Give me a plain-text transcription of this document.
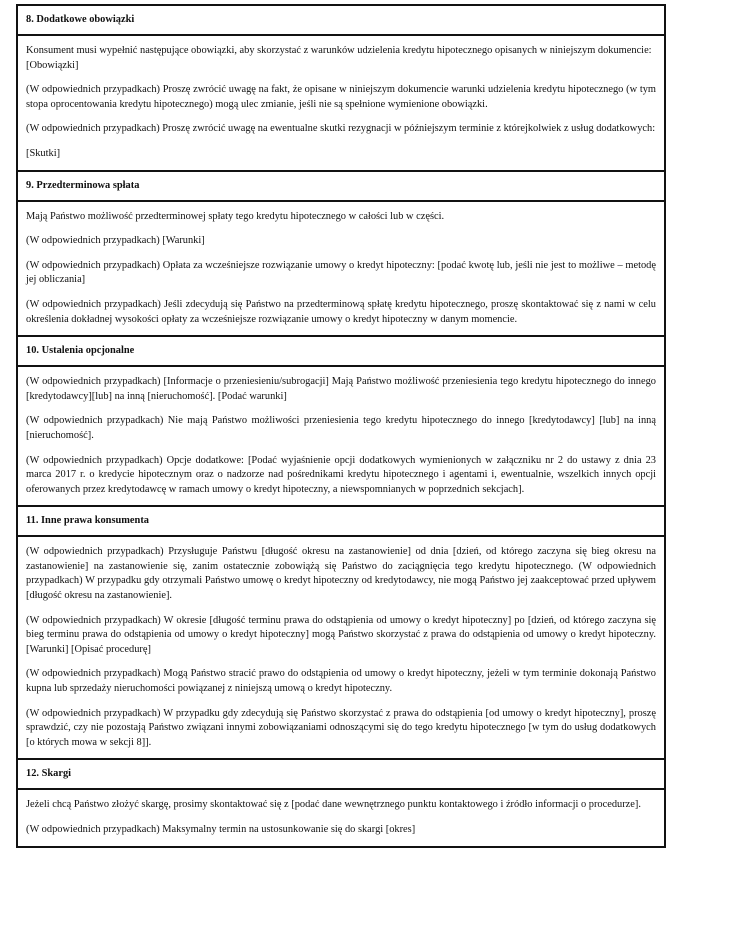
8. Dodatkowe obowiązki

Konsument musi wypełnić następujące obowiązki, aby skorzystać z warunków udzielenia kredytu hipotecznego opisanych w niniejszym dokumencie:
[Obowiązki]

(W odpowiednich przypadkach) Proszę zwrócić uwagę na fakt, że opisane w niniejszym dokumencie warunki udzielenia kredytu hipotecznego (w tym stopa oprocentowania kredytu hipotecznego) mogą ulec zmianie, jeśli nie są spełnione wymienione obowiązki.

(W odpowiednich przypadkach) Proszę zwrócić uwagę na ewentualne skutki rezygnacji w późniejszym terminie z którejkolwiek z usług dodatkowych:

[Skutki]

9. Przedterminowa spłata

Mają Państwo możliwość przedterminowej spłaty tego kredytu hipotecznego w całości lub w części.

(W odpowiednich przypadkach) [Warunki]

(W odpowiednich przypadkach) Opłata za wcześniejsze rozwiązanie umowy o kredyt hipoteczny: [podać kwotę lub, jeśli nie jest to możliwe – metodę jej obliczania]

(W odpowiednich przypadkach) Jeśli zdecydują się Państwo na przedterminową spłatę kredytu hipotecznego, proszę skontaktować się z nami w celu określenia dokładnej wysokości opłaty za wcześniejsze rozwiązanie umowy o kredyt hipoteczny w danym momencie.

10. Ustalenia opcjonalne

(W odpowiednich przypadkach) [Informacje o przeniesieniu/subrogacji] Mają Państwo możliwość przeniesienia tego kredytu hipotecznego do innego [kredytodawcy][lub] na inną [nieruchomość]. [Podać warunki]

(W odpowiednich przypadkach) Nie mają Państwo możliwości przeniesienia tego kredytu hipotecznego do innego [kredytodawcy] [lub] na inną [nieruchomość].

(W odpowiednich przypadkach) Opcje dodatkowe: [Podać wyjaśnienie opcji dodatkowych wymienionych w załączniku nr 2 do ustawy z dnia 23 marca 2017 r. o kredycie hipotecznym oraz o nadzorze nad pośrednikami kredytu hipotecznego i agentami i, ewentualnie, wszelkich innych opcji oferowanych przez kredytodawcę w ramach umowy o kredyt hipoteczny, a niewspomnianych w poprzednich sekcjach].

11. Inne prawa konsumenta

(W odpowiednich przypadkach) Przysługuje Państwu [długość okresu na zastanowienie] od dnia [dzień, od którego zaczyna się bieg okresu na zastanowienie] na zastanowienie się, zanim ostatecznie zobowiążą się Państwo do zaciągnięcia tego kredytu hipotecznego. (W odpowiednich przypadkach) W przypadku gdy otrzymali Państwo umowę o kredyt hipoteczny od kredytodawcy, nie mogą Państwo jej zaakceptować przed upływem [długość okresu na zastanowienie].

(W odpowiednich przypadkach) W okresie [długość terminu prawa do odstąpienia od umowy o kredyt hipoteczny] po [dzień, od którego zaczyna się bieg terminu prawa do odstąpienia od umowy o kredyt hipoteczny] mogą Państwo skorzystać z prawa do odstąpienia od umowy o kredyt hipoteczny. [Warunki] [Opisać procedurę]

(W odpowiednich przypadkach) Mogą Państwo stracić prawo do odstąpienia od umowy o kredyt hipoteczny, jeżeli w tym terminie dokonają Państwo kupna lub sprzedaży nieruchomości powiązanej z niniejszą umową o kredyt hipoteczny.

(W odpowiednich przypadkach) W przypadku gdy zdecydują się Państwo skorzystać z prawa do odstąpienia [od umowy o kredyt hipoteczny], proszę sprawdzić, czy nie pozostają Państwo związani innymi zobowiązaniami odnoszącymi się do tego kredytu hipotecznego [w tym do usług dodatkowych [o których mowa w sekcji 8]].

12. Skargi

Jeżeli chcą Państwo złożyć skargę, prosimy skontaktować się z [podać dane wewnętrznego punktu kontaktowego i źródło informacji o procedurze].

(W odpowiednich przypadkach) Maksymalny termin na ustosunkowanie się do skargi [okres]
